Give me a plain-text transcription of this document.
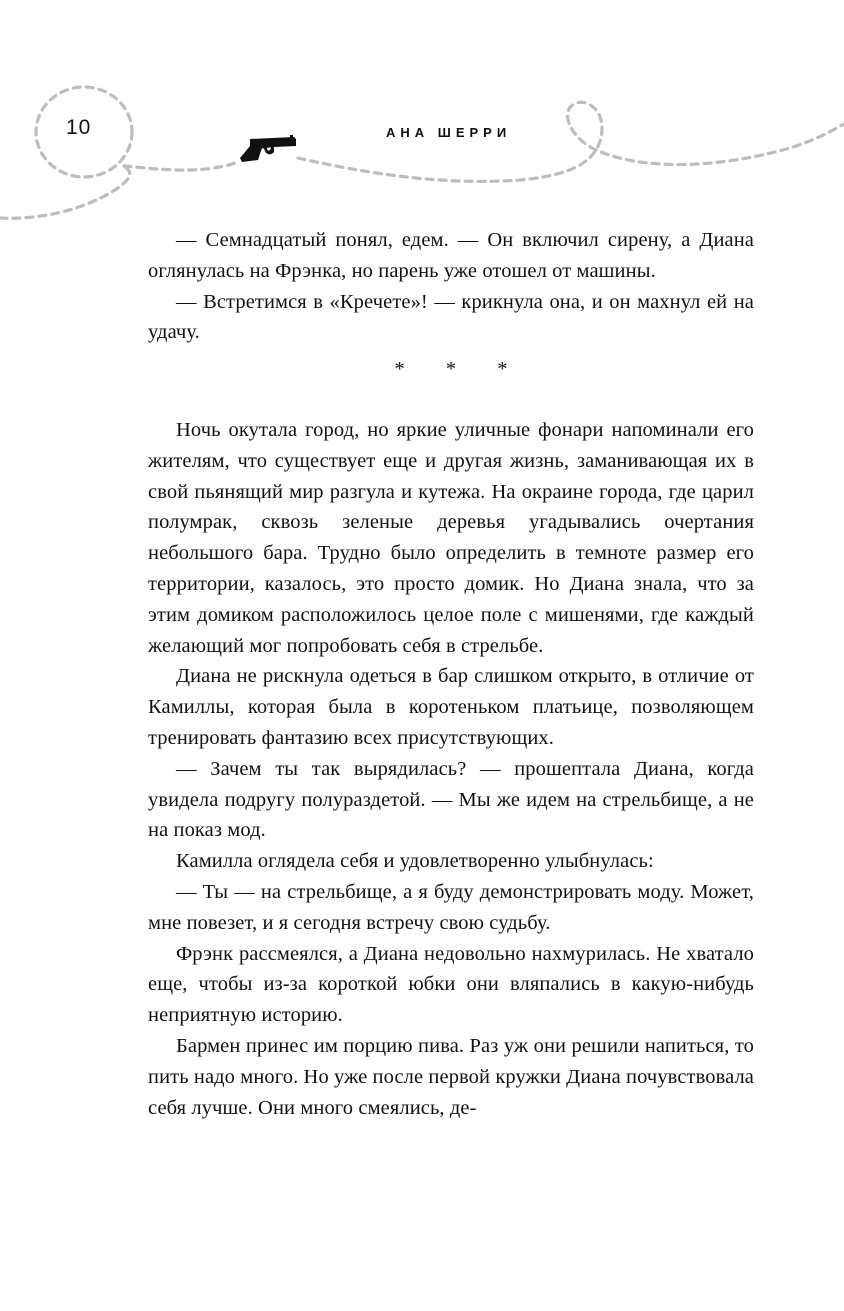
10	АНА ШЕРРИ

— Семнадцатый понял, едем. — Он включил сирену, а Диана оглянулась на Фрэнка, но парень уже отошел от машины.

— Встретимся в «Кречете»! — крикнула она, и он махнул ей на удачу.

* * *

Ночь окутала город, но яркие уличные фонари напоминали его жителям, что существует еще и другая жизнь, заманивающая их в свой пьянящий мир разгула и кутежа. На окраине города, где царил полумрак, сквозь зеленые деревья угадывались очертания небольшого бара. Трудно было определить в темноте размер его территории, казалось, это просто домик. Но Диана знала, что за этим домиком расположилось целое поле с мишенями, где каждый желающий мог попробовать себя в стрельбе.

Диана не рискнула одеться в бар слишком открыто, в отличие от Камиллы, которая была в коротеньком платьице, позволяющем тренировать фантазию всех присутствующих.

— Зачем ты так вырядилась? — прошептала Диана, когда увидела подругу полураздетой. — Мы же идем на стрельбище, а не на показ мод.

Камилла оглядела себя и удовлетворенно улыбнулась:

— Ты — на стрельбище, а я буду демонстрировать моду. Может, мне повезет, и я сегодня встречу свою судьбу.

Фрэнк рассмеялся, а Диана недовольно нахмурилась. Не хватало еще, чтобы из-за короткой юбки они вляпались в какую-нибудь неприятную историю.

Бармен принес им порцию пива. Раз уж они решили напиться, то пить надо много. Но уже после первой кружки Диана почувствовала себя лучше. Они много смеялись, де-
